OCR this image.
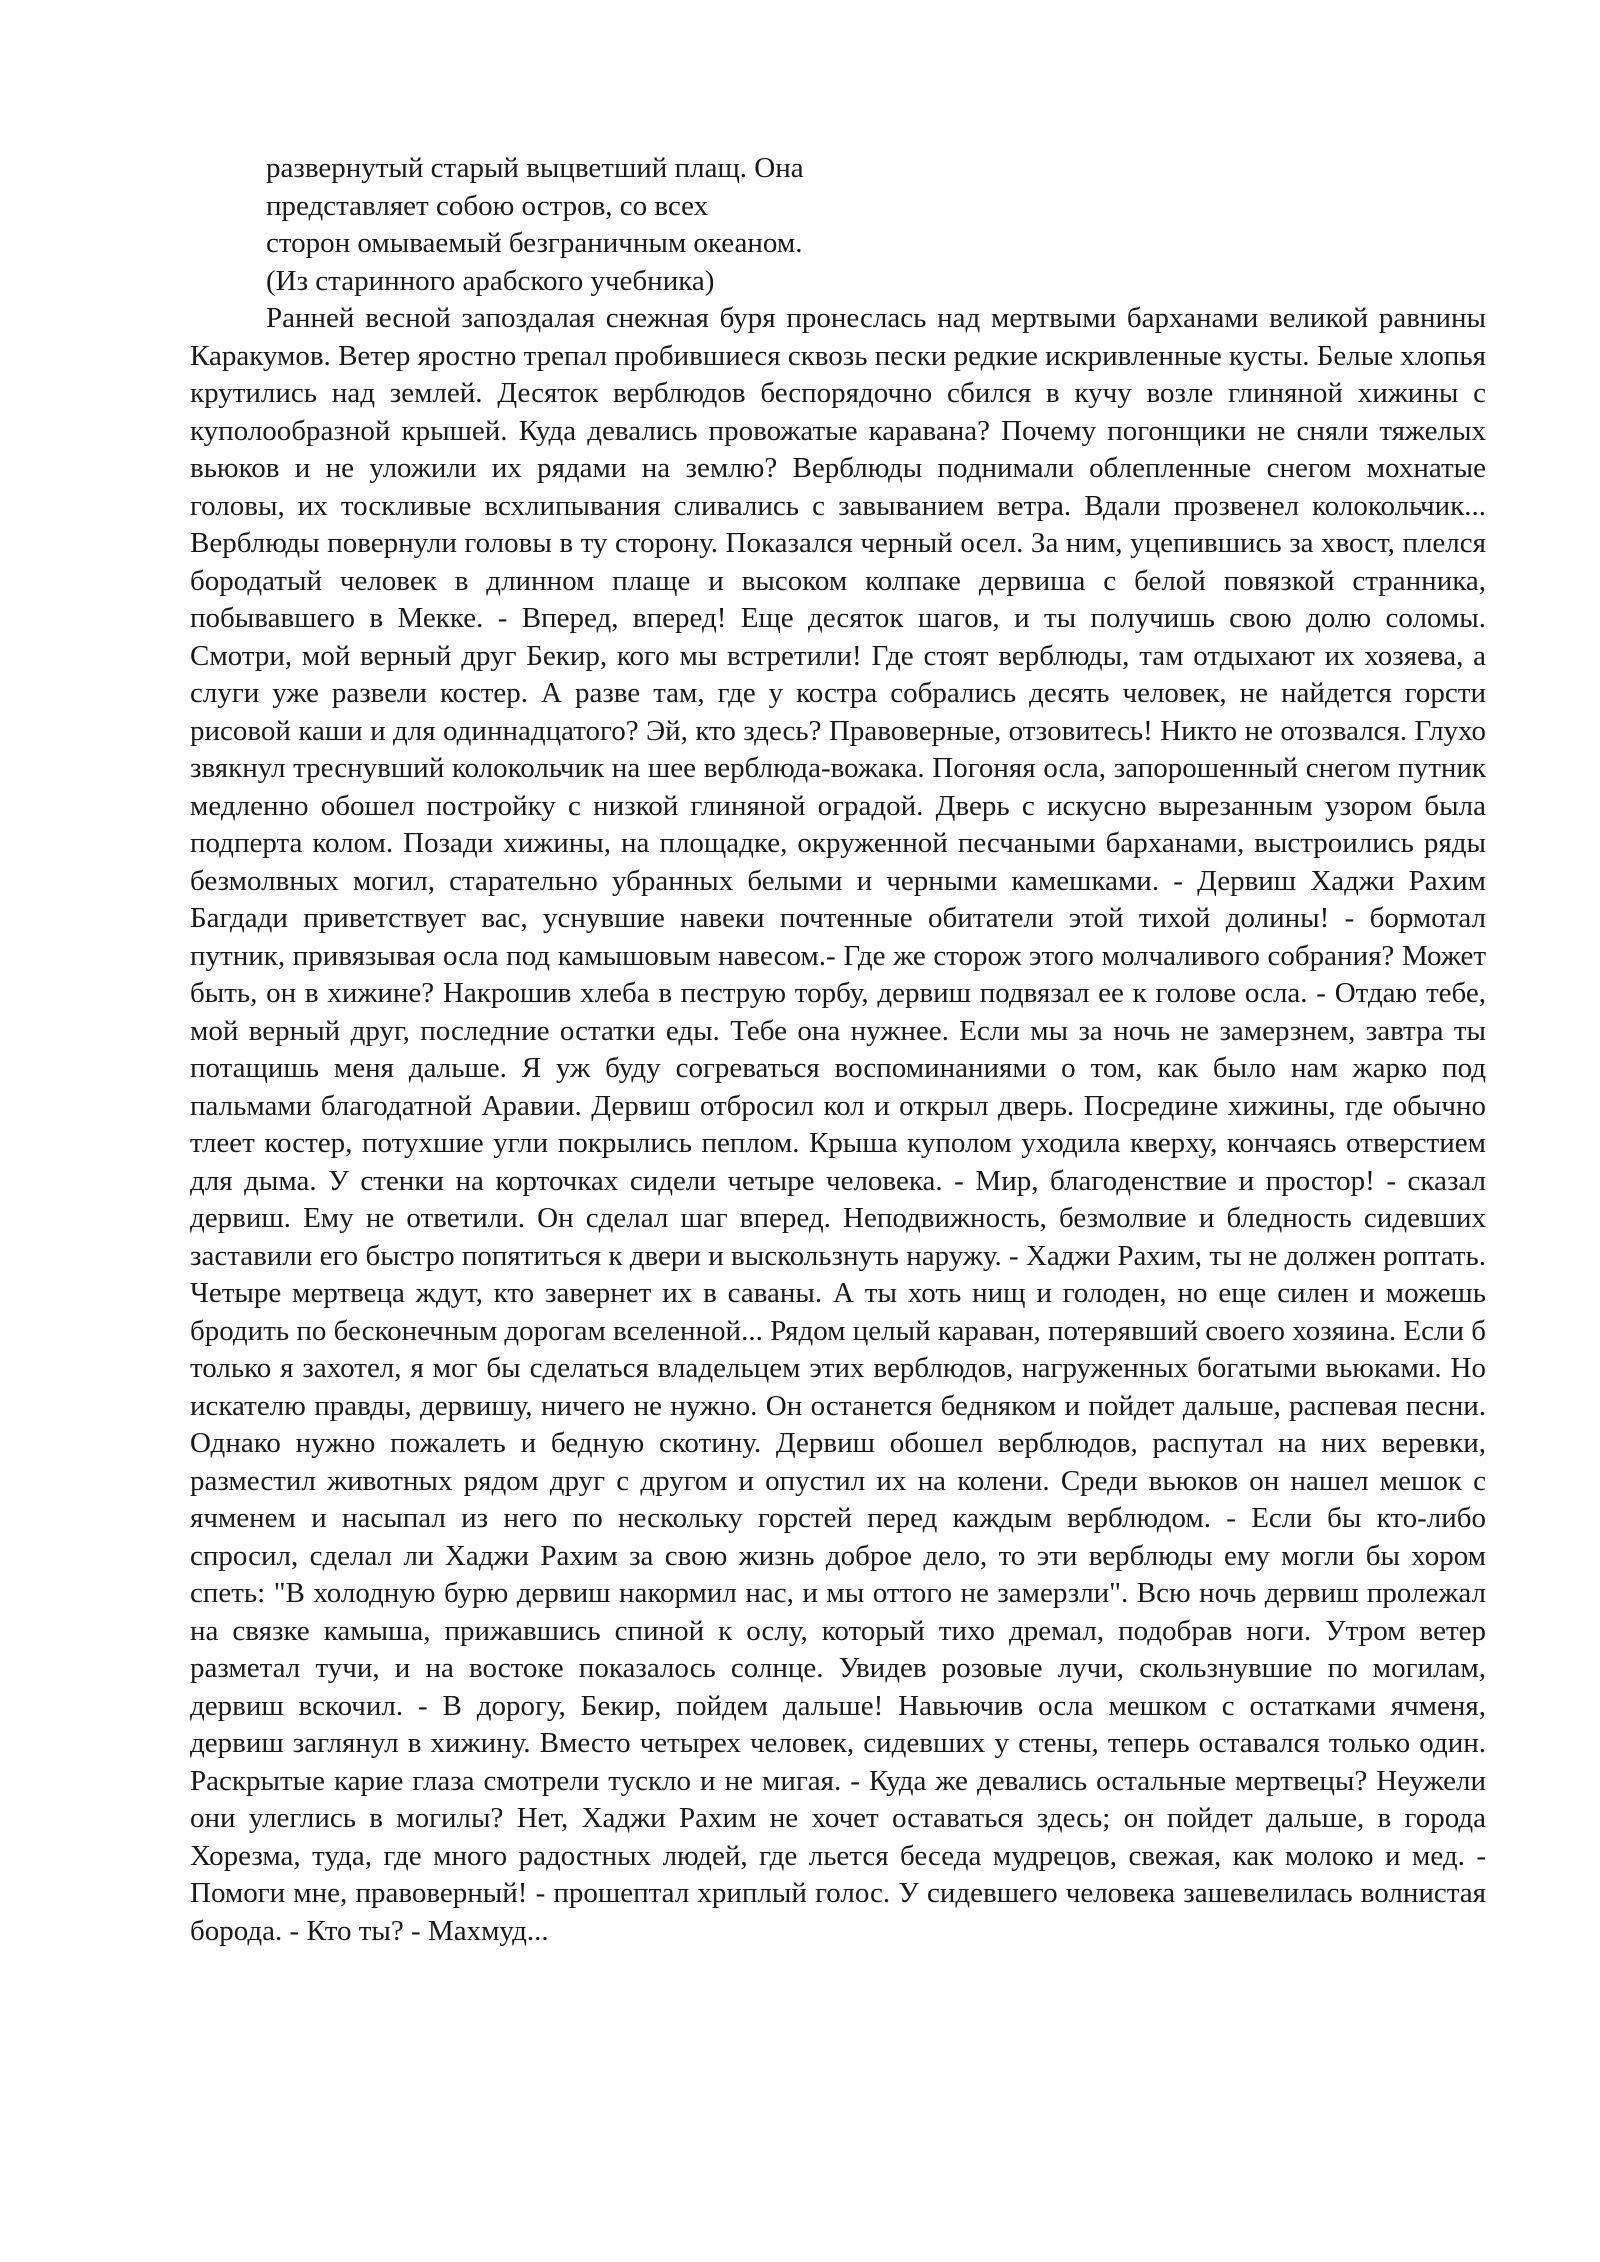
развернутый старый выцветший плащ. Она
представляет собою остров, со всех
сторон омываемый безграничным океаном.
(Из старинного арабского учебника)

Ранней весной запоздалая снежная буря пронеслась над мертвыми барханами великой равнины Каракумов. Ветер яростно трепал пробившиеся сквозь пески редкие искривленные кусты. Белые хлопья крутились над землей. Десяток верблюдов беспорядочно сбился в кучу возле глиняной хижины с куполообразной крышей. Куда девались провожатые каравана? Почему погонщики не сняли тяжелых вьюков и не уложили их рядами на землю? Верблюды поднимали облепленные снегом мохнатые головы, их тоскливые всхлипывания сливались с завыванием ветра. Вдали прозвенел колокольчик... Верблюды повернули головы в ту сторону. Показался черный осел. За ним, уцепившись за хвост, плелся бородатый человек в длинном плаще и высоком колпаке дервиша с белой повязкой странника, побывавшего в Мекке. - Вперед, вперед! Еще десяток шагов, и ты получишь свою долю соломы. Смотри, мой верный друг Бекир, кого мы встретили! Где стоят верблюды, там отдыхают их хозяева, а слуги уже развели костер. А разве там, где у костра собрались десять человек, не найдется горсти рисовой каши и для одиннадцатого? Эй, кто здесь? Правоверные, отзовитесь! Никто не отозвался. Глухо звякнул треснувший колокольчик на шее верблюда-вожака. Погоняя осла, запорошенный снегом путник медленно обошел постройку с низкой глиняной оградой. Дверь с искусно вырезанным узором была подперта колом. Позади хижины, на площадке, окруженной песчаными барханами, выстроились ряды безмолвных могил, старательно убранных белыми и черными камешками. - Дервиш Хаджи Рахим Багдади приветствует вас, уснувшие навеки почтенные обитатели этой тихой долины! - бормотал путник, привязывая осла под камышовым навесом.- Где же сторож этого молчаливого собрания? Может быть, он в хижине? Накрошив хлеба в пеструю торбу, дервиш подвязал ее к голове осла. - Отдаю тебе, мой верный друг, последние остатки еды. Тебе она нужнее. Если мы за ночь не замерзнем, завтра ты потащишь меня дальше. Я уж буду согреваться воспоминаниями о том, как было нам жарко под пальмами благодатной Аравии. Дервиш отбросил кол и открыл дверь. Посредине хижины, где обычно тлеет костер, потухшие угли покрылись пеплом. Крыша куполом уходила кверху, кончаясь отверстием для дыма. У стенки на корточках сидели четыре человека. - Мир, благоденствие и простор! - сказал дервиш. Ему не ответили. Он сделал шаг вперед. Неподвижность, безмолвие и бледность сидевших заставили его быстро попятиться к двери и выскользнуть наружу. - Хаджи Рахим, ты не должен роптать. Четыре мертвеца ждут, кто завернет их в саваны. А ты хоть нищ и голоден, но еще силен и можешь бродить по бесконечным дорогам вселенной... Рядом целый караван, потерявший своего хозяина. Если б только я захотел, я мог бы сделаться владельцем этих верблюдов, нагруженных богатыми вьюками. Но искателю правды, дервишу, ничего не нужно. Он останется бедняком и пойдет дальше, распевая песни. Однако нужно пожалеть и бедную скотину. Дервиш обошел верблюдов, распутал на них веревки, разместил животных рядом друг с другом и опустил их на колени. Среди вьюков он нашел мешок с ячменем и насыпал из него по нескольку горстей перед каждым верблюдом. - Если бы кто-либо спросил, сделал ли Хаджи Рахим за свою жизнь доброе дело, то эти верблюды ему могли бы хором спеть: "В холодную бурю дервиш накормил нас, и мы оттого не замерзли". Всю ночь дервиш пролежал на связке камыша, прижавшись спиной к ослу, который тихо дремал, подобрав ноги. Утром ветер разметал тучи, и на востоке показалось солнце. Увидев розовые лучи, скользнувшие по могилам, дервиш вскочил. - В дорогу, Бекир, пойдем дальше! Навьючив осла мешком с остатками ячменя, дервиш заглянул в хижину. Вместо четырех человек, сидевших у стены, теперь оставался только один. Раскрытые карие глаза смотрели тускло и не мигая. - Куда же девались остальные мертвецы? Неужели они улеглись в могилы? Нет, Хаджи Рахим не хочет оставаться здесь; он пойдет дальше, в города Хорезма, туда, где много радостных людей, где льется беседа мудрецов, свежая, как молоко и мед. - Помоги мне, правоверный! - прошептал хриплый голос. У сидевшего человека зашевелилась волнистая борода. - Кто ты? - Махмуд...
